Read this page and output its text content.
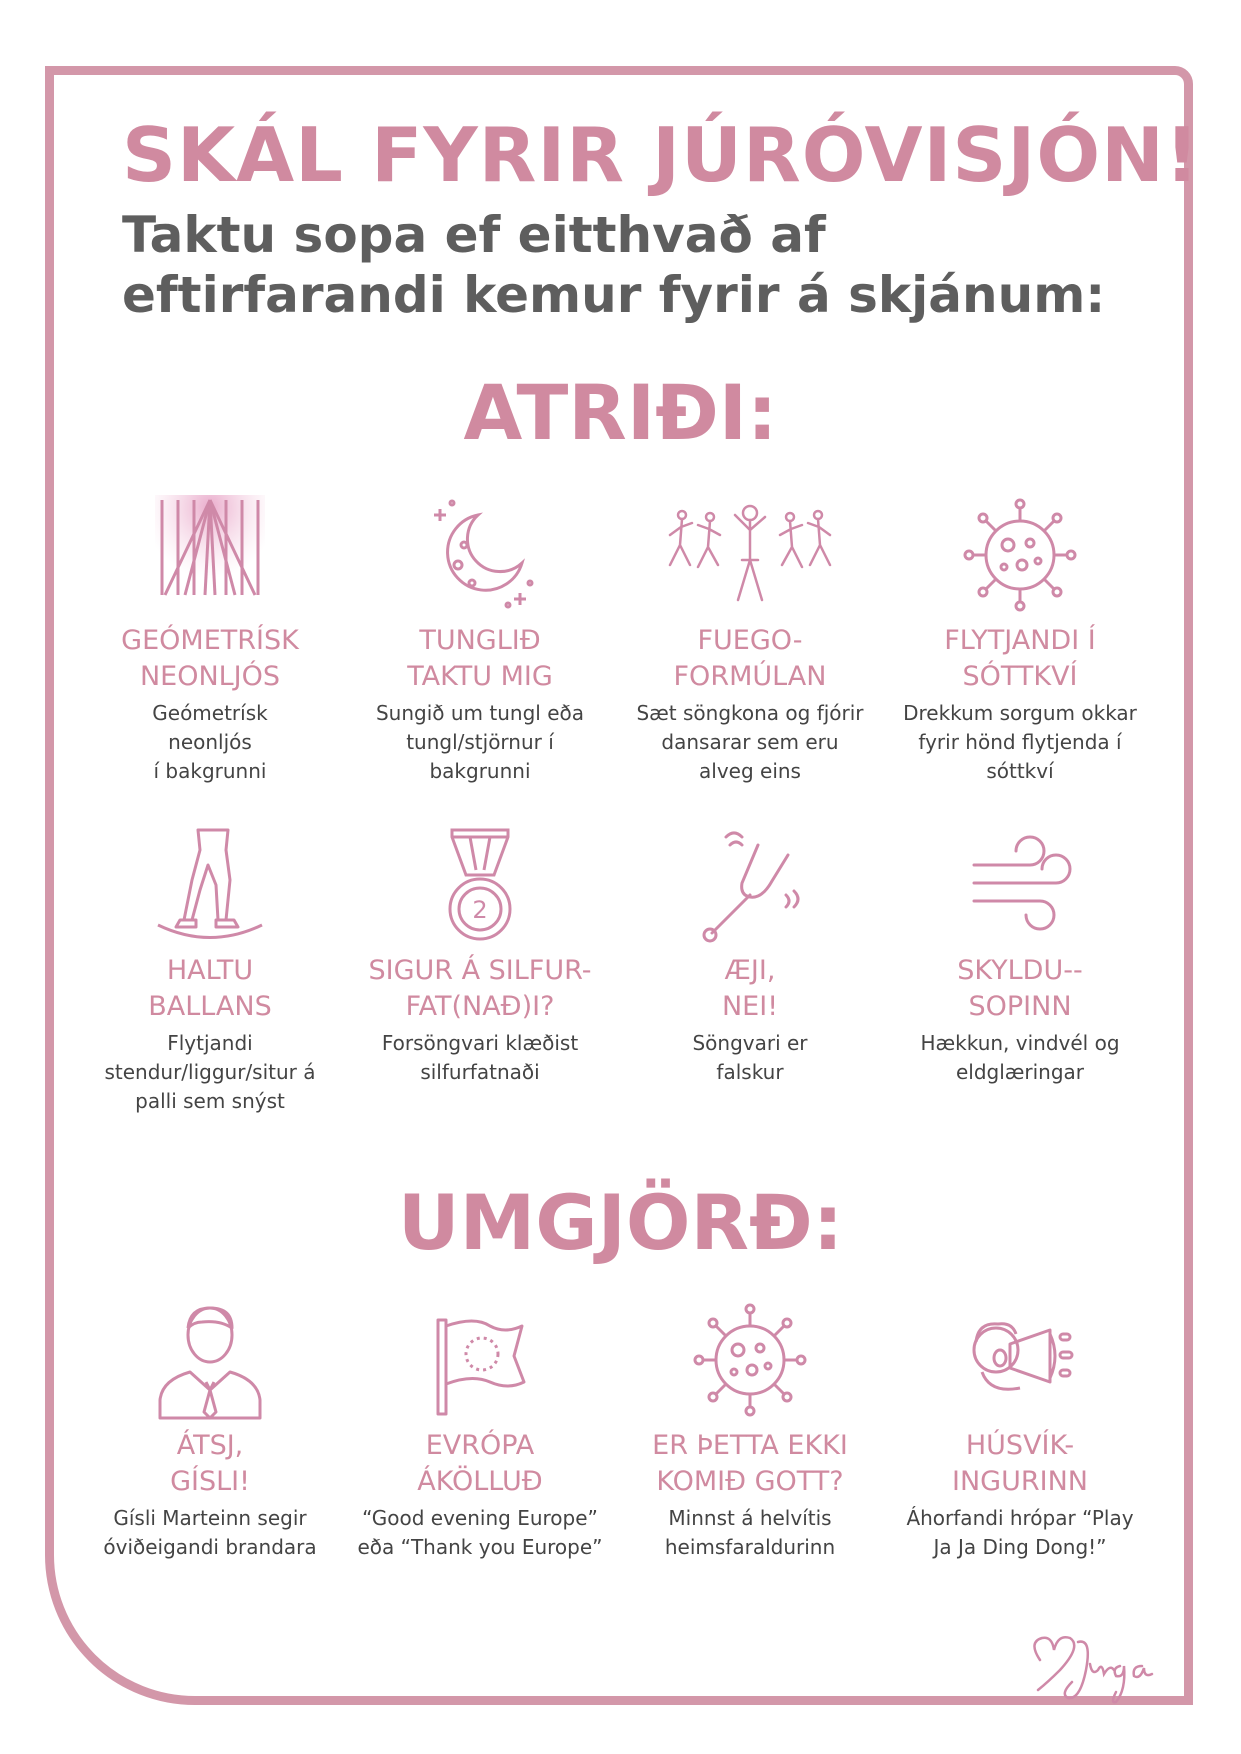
SKÁL FYRIR JÚRÓVISJÓN!

Taktu sopa ef eitthvað af eftirfarandi kemur fyrir á skjánum:

ATRIÐI:
UMGJÖRÐ:
GEÓMETRÍSK
NEONLJÓS
Geómetrísk
neonljós
í bakgrunni
TUNGLIÐ
TAKTU MIG
Sungið um tungl eða
tungl/stjörnur í
bakgrunni
FUEGO-
FORMÚLAN
Sæt söngkona og fjórir
dansarar sem eru
alveg eins
FLYTJANDI Í
SÓTTKVÍ
Drekkum sorgum okkar
fyrir hönd flytjenda í
sóttkví
HALTU
BALLANS
Flytjandi
stendur/liggur/situr á
palli sem snýst
2
SIGUR Á SILFUR-
FAT(NAÐ)I?
Forsöngvari klæðist
silfurfatnaði
ÆJI,
NEI!
Söngvari er
falskur
SKYLDU--
SOPINN
Hækkun, vindvél og
eldglæringar
ÁTSJ,
GÍSLI!
Gísli Marteinn segir
óviðeigandi brandara
EVRÓPA
ÁKÖLLUÐ
“Good evening Europe”
eða “Thank you Europe”
ER ÞETTA EKKI
KOMIÐ GOTT?
Minnst á helvítis
heimsfaraldurinn
HÚSVÍK-
INGURINN
Áhorfandi hrópar “Play
Ja Ja Ding Dong!”
